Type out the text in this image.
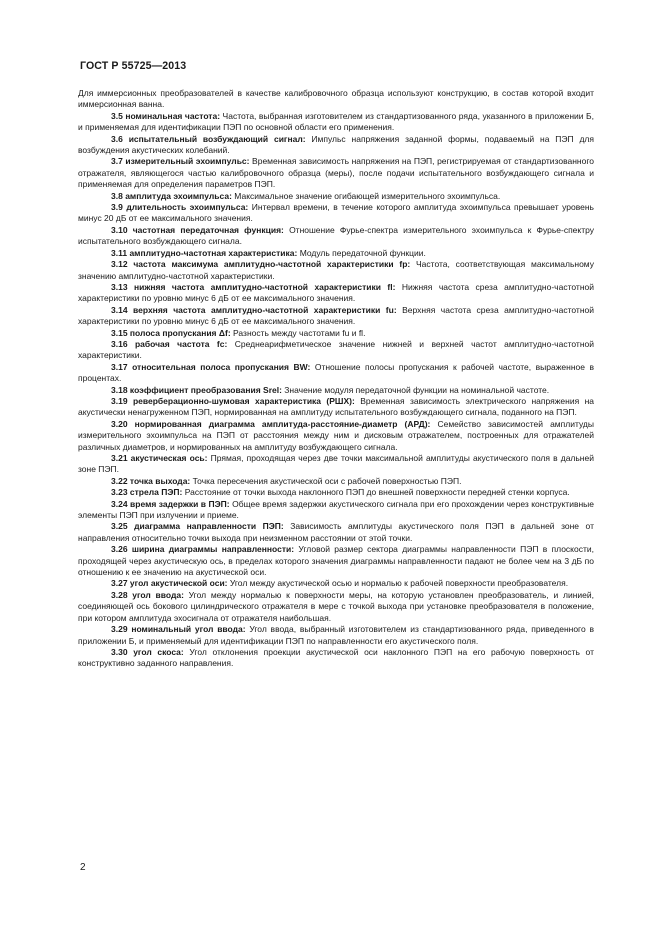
ГОСТ Р 55725—2013

Для иммерсионных преобразователей в качестве калибровочного образца используют конструкцию, в состав которой входит иммерсионная ванна.

3.5 номинальная частота: Частота, выбранная изготовителем из стандартизованного ряда, указанного в приложении Б, и применяемая для идентификации ПЭП по основной области его применения.

3.6 испытательный возбуждающий сигнал: Импульс напряжения заданной формы, подаваемый на ПЭП для возбуждения акустических колебаний.

3.7 измерительный эхоимпульс: Временная зависимость напряжения на ПЭП, регистрируемая от стандартизованного отражателя, являющегося частью калибровочного образца (меры), после подачи испытательного возбуждающего сигнала и применяемая для определения параметров ПЭП.

3.8 амплитуда эхоимпульса: Максимальное значение огибающей измерительного эхоимпульса.

3.9 длительность эхоимпульса: Интервал времени, в течение которого амплитуда эхоимпульса превышает уровень минус 20 дБ от ее максимального значения.

3.10 частотная передаточная функция: Отношение Фурье-спектра измерительного эхоимпульса к Фурье-спектру испытательного возбуждающего сигнала.

3.11 амплитудно-частотная характеристика: Модуль передаточной функции.

3.12 частота максимума амплитудно-частотной характеристики fp: Частота, соответствующая максимальному значению амплитудно-частотной характеристики.

3.13 нижняя частота амплитудно-частотной характеристики fl: Нижняя частота среза амплитудно-частотной характеристики по уровню минус 6 дБ от ее максимального значения.

3.14 верхняя частота амплитудно-частотной характеристики fu: Верхняя частота среза амплитудно-частотной характеристики по уровню минус 6 дБ от ее максимального значения.

3.15 полоса пропускания Δf: Разность между частотами fu и fl.

3.16 рабочая частота fc: Среднеарифметическое значение нижней и верхней частот амплитудно-частотной характеристики.

3.17 относительная полоса пропускания BW: Отношение полосы пропускания к рабочей частоте, выраженное в процентах.

3.18 коэффициент преобразования Srel: Значение модуля передаточной функции на номинальной частоте.

3.19 реверберационно-шумовая характеристика (РШХ): Временная зависимость электрического напряжения на акустически ненагруженном ПЭП, нормированная на амплитуду испытательного возбуждающего сигнала, поданного на ПЭП.

3.20 нормированная диаграмма амплитуда-расстояние-диаметр (АРД): Семейство зависимостей амплитуды измерительного эхоимпульса на ПЭП от расстояния между ним и дисковым отражателем, построенных для отражателей различных диаметров, и нормированных на амплитуду возбуждающего сигнала.

3.21 акустическая ось: Прямая, проходящая через две точки максимальной амплитуды акустического поля в дальней зоне ПЭП.

3.22 точка выхода: Точка пересечения акустической оси с рабочей поверхностью ПЭП.

3.23 стрела ПЭП: Расстояние от точки выхода наклонного ПЭП до внешней поверхности передней стенки корпуса.

3.24 время задержки в ПЭП: Общее время задержки акустического сигнала при его прохождении через конструктивные элементы ПЭП при излучении и приеме.

3.25 диаграмма направленности ПЭП: Зависимость амплитуды акустического поля ПЭП в дальней зоне от направления относительно точки выхода при неизменном расстоянии от этой точки.

3.26 ширина диаграммы направленности: Угловой размер сектора диаграммы направленности ПЭП в плоскости, проходящей через акустическую ось, в пределах которого значения диаграммы направленности падают не более чем на 3 дБ по отношению к ее значению на акустической оси.

3.27 угол акустической оси: Угол между акустической осью и нормалью к рабочей поверхности преобразователя.

3.28 угол ввода: Угол между нормалью к поверхности меры, на которую установлен преобразователь, и линией, соединяющей ось бокового цилиндрического отражателя в мере с точкой выхода при установке преобразователя в положение, при котором амплитуда эхосигнала от отражателя наибольшая.

3.29 номинальный угол ввода: Угол ввода, выбранный изготовителем из стандартизованного ряда, приведенного в приложении Б, и применяемый для идентификации ПЭП по направленности его акустического поля.

3.30 угол скоса: Угол отклонения проекции акустической оси наклонного ПЭП на его рабочую поверхность от конструктивно заданного направления.

2
